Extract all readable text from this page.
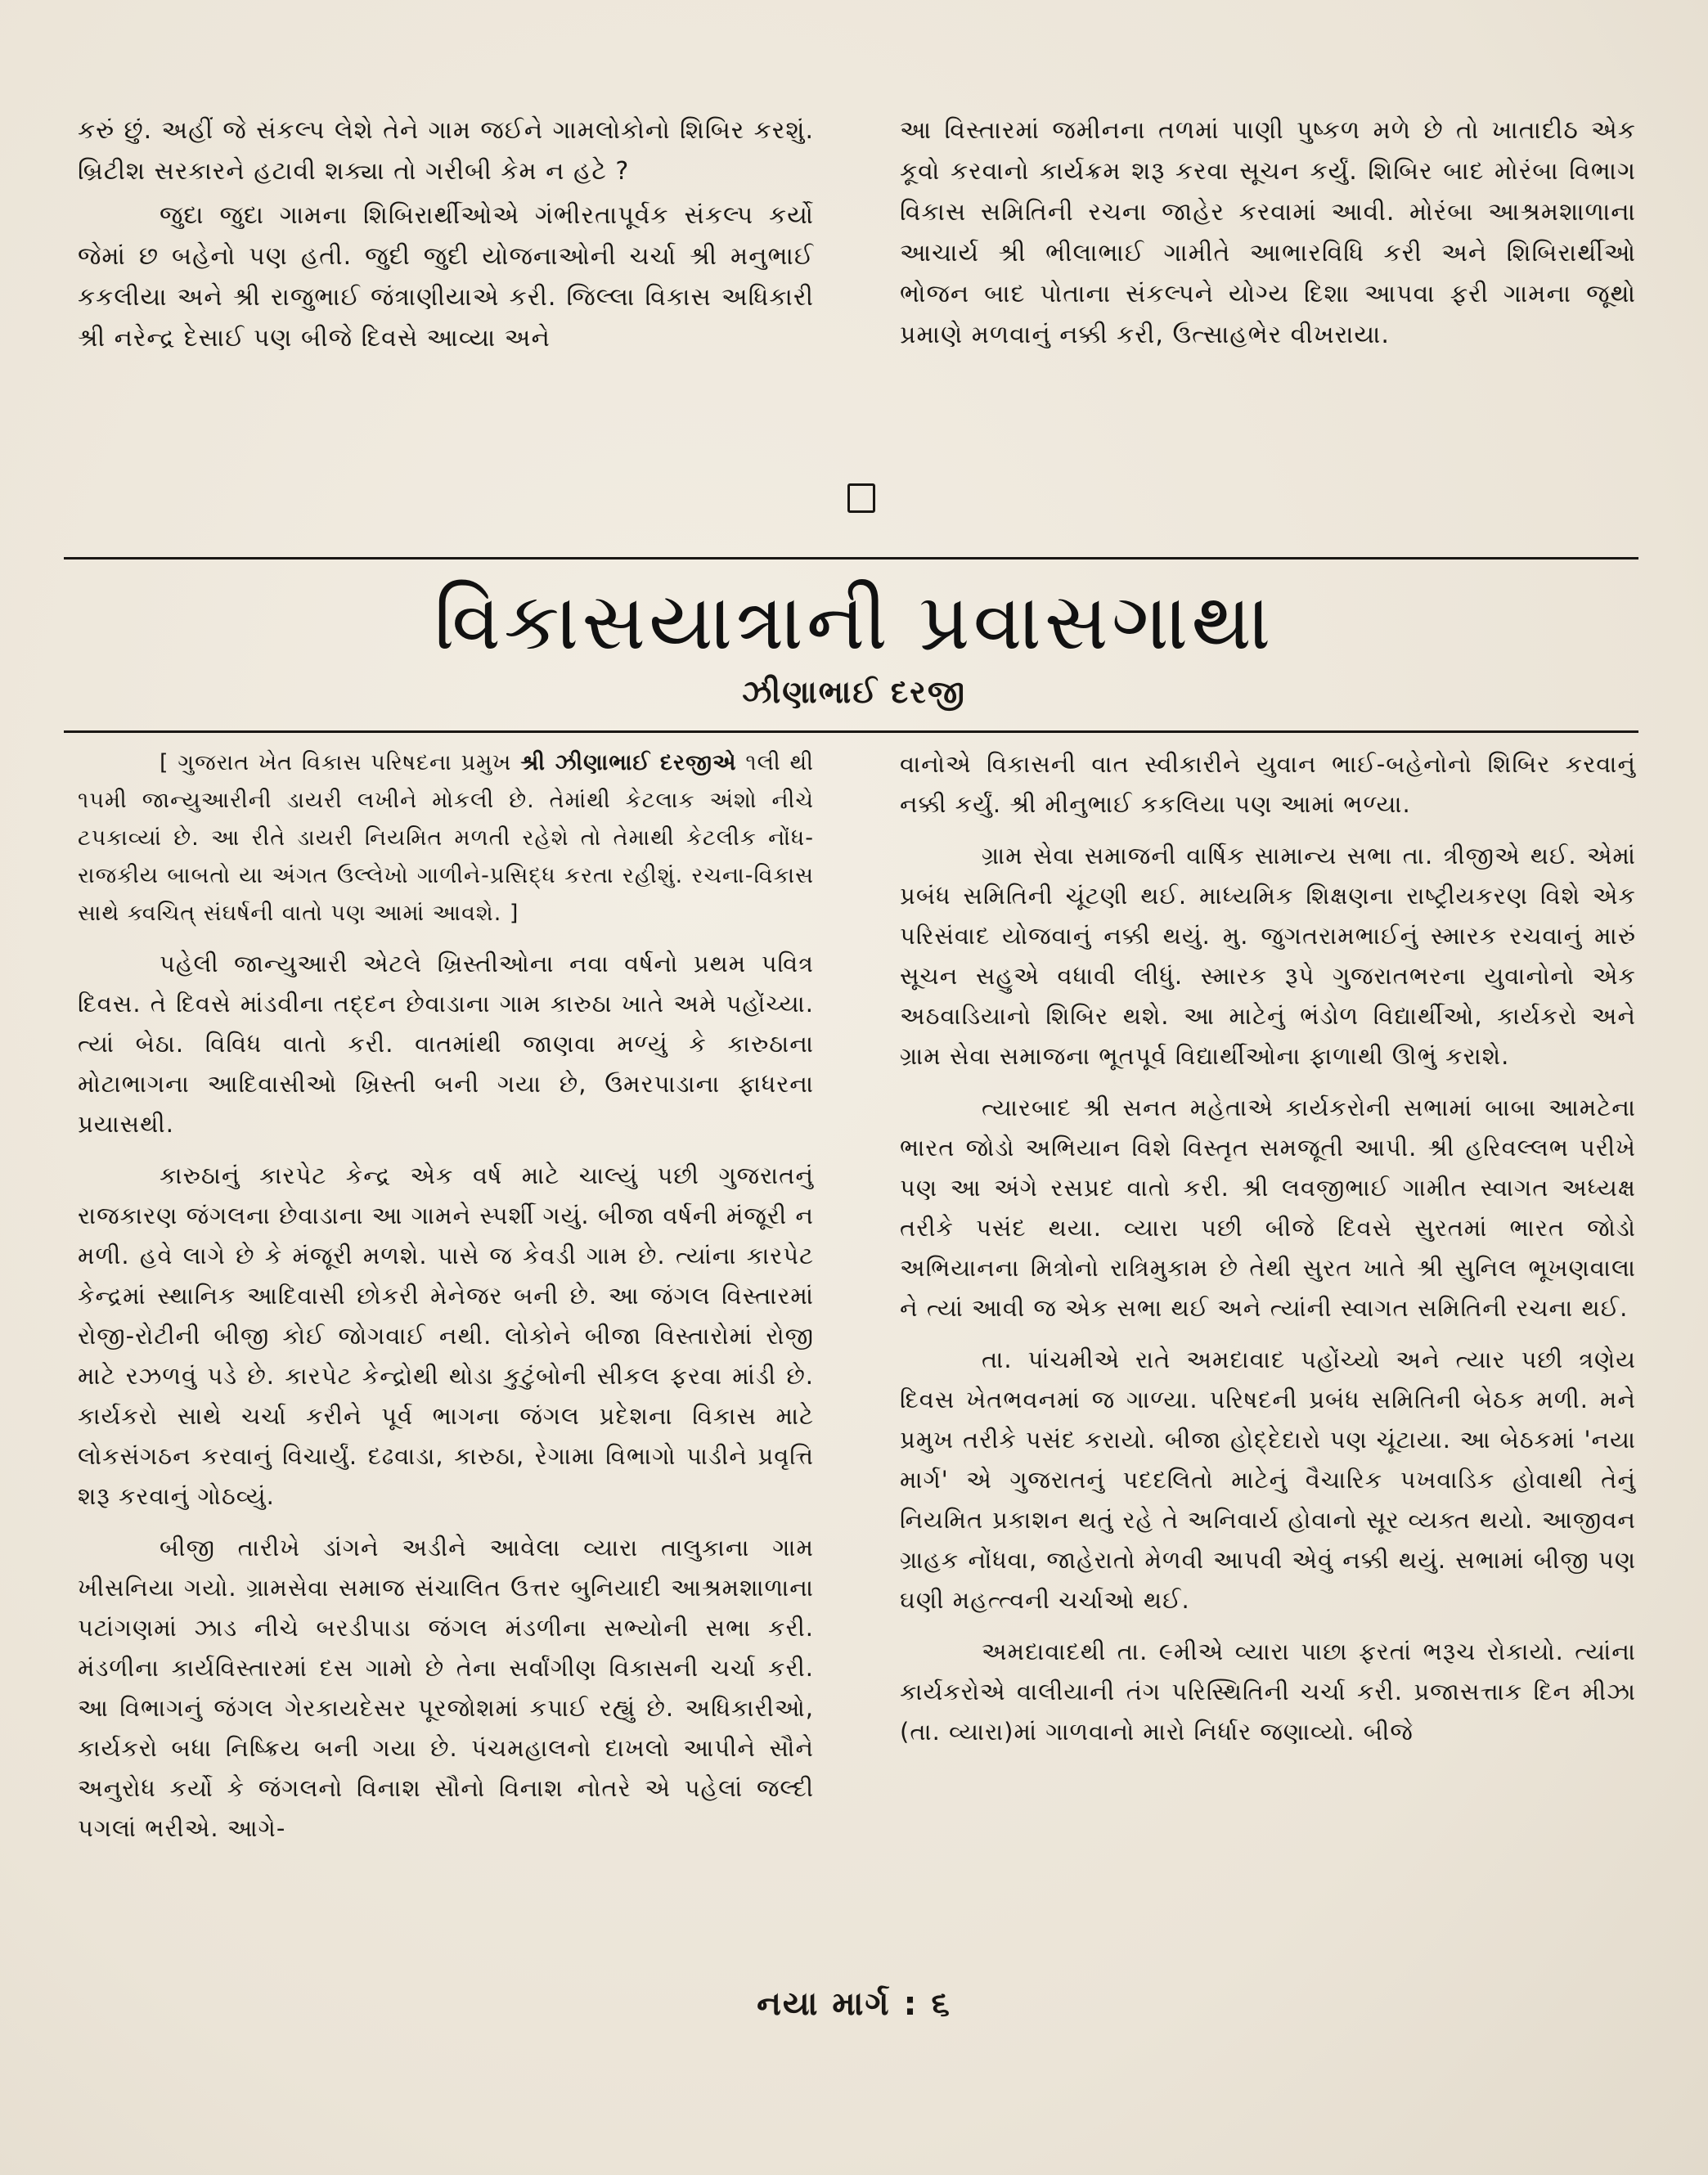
કરું છું. અહીં જે સંકલ્પ લેશે તેને ગામ જઈને ગામલોકોનો શિબિર કરશું. બ્રિટીશ સરકારને હટાવી શક્યા તો ગરીબી કેમ ન હટે ?

જુદા જુદા ગામના શિબિરાર્થીઓએ ગંભીરતાપૂર્વક સંકલ્પ કર્યો જેમાં છ બહેનો પણ હતી. જુદી જુદી યોજનાઓની ચર્ચા શ્રી મનુભાઈ કકલીયા અને શ્રી રાજુભાઈ જંત્રાણીયાએ કરી. જિલ્લા વિકાસ અધિકારી શ્રી નરેન્દ્ર દેસાઈ પણ બીજે દિવસે આવ્યા અને

આ વિસ્તારમાં જમીનના તળમાં પાણી પુષ્કળ મળે છે તો ખાતાદીઠ એક કૂવો કરવાનો કાર્યક્રમ શરૂ કરવા સૂચન કર્યું. શિબિર બાદ મોરંબા વિભાગ વિકાસ સમિતિની રચના જાહેર કરવામાં આવી. મોરંબા આશ્રમશાળાના આચાર્ય શ્રી ભીલાભાઈ ગામીતે આભારવિધિ કરી અને શિબિરાર્થીઓ ભોજન બાદ પોતાના સંકલ્પને યોગ્ય દિશા આપવા ફરી ગામના જૂથો પ્રમાણે મળવાનું નક્કી કરી, ઉત્સાહભેર વીખરાયા.

વિકાસયાત્રાની પ્રવાસગાથા
ઝીણાભાઈ દરજી

[ ગુજરાત ખેત વિકાસ પરિષદના પ્રમુખ શ્રી ઝીણાભાઈ દરજીએ ૧લી થી ૧૫મી જાન્યુઆરીની ડાયરી લખીને મોકલી છે. તેમાંથી કેટલાક અંશો નીચે ટપકાવ્યાં છે. આ રીતે ડાયરી નિયમિત મળતી રહેશે તો તેમાથી કેટલીક નોંધ-રાજકીય બાબતો યા અંગત ઉલ્લેખો ગાળીને-પ્રસિદ્ધ કરતા રહીશું. રચના-વિકાસ સાથે ક્વચિત્ સંઘર્ષની વાતો પણ આમાં આવશે. ]

પહેલી જાન્યુઆરી એટલે ખ્રિસ્તીઓના નવા વર્ષનો પ્રથમ પવિત્ર દિવસ. તે દિવસે માંડવીના તદ્દન છેવાડાના ગામ કારુઠા ખાતે અમે પહોંચ્યા. ત્યાં બેઠા. વિવિધ વાતો કરી. વાતમાંથી જાણવા મળ્યું કે કારુઠાના મોટાભાગના આદિવાસીઓ ખ્રિસ્તી બની ગયા છે, ઉમરપાડાના ફાધરના પ્રયાસથી.

કારુઠાનું કારપેટ કેન્દ્ર એક વર્ષ માટે ચાલ્યું પછી ગુજરાતનું રાજકારણ જંગલના છેવાડાના આ ગામને સ્પર્શી ગયું. બીજા વર્ષની મંજૂરી ન મળી. હવે લાગે છે કે મંજૂરી મળશે. પાસે જ કેવડી ગામ છે. ત્યાંના કારપેટ કેન્દ્રમાં સ્થાનિક આદિવાસી છોકરી મેનેજર બની છે. આ જંગલ વિસ્તારમાં રોજી-રોટીની બીજી કોઈ જોગવાઈ નથી. લોકોને બીજા વિસ્તારોમાં રોજી માટે રઝળવું પડે છે. કારપેટ કેન્દ્રોથી થોડા કુટુંબોની સીકલ ફરવા માંડી છે. કાર્યકરો સાથે ચર્ચા કરીને પૂર્વ ભાગના જંગલ પ્રદેશના વિકાસ માટે લોકસંગઠન કરવાનું વિચાર્યું. દઢવાડા, કારુઠા, રેગામા વિભાગો પાડીને પ્રવૃત્તિ શરૂ કરવાનું ગોઠવ્યું.

બીજી તારીખે ડાંગને અડીને આવેલા વ્યારા તાલુકાના ગામ ખીસનિયા ગયો. ગ્રામસેવા સમાજ સંચાલિત ઉત્તર બુનિયાદી આશ્રમશાળાના પટાંગણમાં ઝાડ નીચે બરડીપાડા જંગલ મંડળીના સભ્યોની સભા કરી. મંડળીના કાર્યવિસ્તારમાં દસ ગામો છે તેના સર્વાંગીણ વિકાસની ચર્ચા કરી. આ વિભાગનું જંગલ ગેરકાયદેસર પૂરજોશમાં કપાઈ રહ્યું છે. અધિકારીઓ, કાર્યકરો બધા નિષ્ક્રિય બની ગયા છે. પંચમહાલનો દાખલો આપીને સૌને અનુરોધ કર્યો કે જંગલનો વિનાશ સૌનો વિનાશ નોતરે એ પહેલાં જલ્દી પગલાં ભરીએ. આગે-

વાનોએ વિકાસની વાત સ્વીકારીને યુવાન ભાઈ-બહેનોનો શિબિર કરવાનું નક્કી કર્યું. શ્રી મીનુભાઈ કકલિયા પણ આમાં ભળ્યા.

ગ્રામ સેવા સમાજની વાર્ષિક સામાન્ય સભા તા. ત્રીજીએ થઈ. એમાં પ્રબંધ સમિતિની ચૂંટણી થઈ. માધ્યમિક શિક્ષણના રાષ્ટ્રીયકરણ વિશે એક પરિસંવાદ યોજવાનું નક્કી થયું. મુ. જુગતરામભાઈનું સ્મારક રચવાનું મારું સૂચન સહુએ વધાવી લીધું. સ્મારક રૂપે ગુજરાતભરના યુવાનોનો એક અઠવાડિયાનો શિબિર થશે. આ માટેનું ભંડોળ વિદ્યાર્થીઓ, કાર્યકરો અને ગ્રામ સેવા સમાજના ભૂતપૂર્વ વિદ્યાર્થીઓના ફાળાથી ઊભું કરાશે.

ત્યારબાદ શ્રી સનત મહેતાએ કાર્યકરોની સભામાં બાબા આમટેના ભારત જોડો અભિયાન વિશે વિસ્તૃત સમજૂતી આપી. શ્રી હરિવલ્લભ પરીખે પણ આ અંગે રસપ્રદ વાતો કરી. શ્રી લવજીભાઈ ગામીત સ્વાગત અધ્યક્ષ તરીકે પસંદ થયા. વ્યારા પછી બીજે દિવસે સુરતમાં ભારત જોડો અભિયાનના મિત્રોનો રાત્રિમુકામ છે તેથી સુરત ખાતે શ્રી સુનિલ ભૂખણવાલા ને ત્યાં આવી જ એક સભા થઈ અને ત્યાંની સ્વાગત સમિતિની રચના થઈ.

તા. પાંચમીએ રાતે અમદાવાદ પહોંચ્યો અને ત્યાર પછી ત્રણેય દિવસ ખેતભવનમાં જ ગાળ્યા. પરિષદની પ્રબંધ સમિતિની બેઠક મળી. મને પ્રમુખ તરીકે પસંદ કરાયો. બીજા હોદ્દેદારો પણ ચૂંટાયા. આ બેઠકમાં 'નયા માર્ગ' એ ગુજરાતનું પદદલિતો માટેનું વૈચારિક પખવાડિક હોવાથી તેનું નિયમિત પ્રકાશન થતું રહે તે અનિવાર્ય હોવાનો સૂર વ્યક્ત થયો. આજીવન ગ્રાહક નોંધવા, જાહેરાતો મેળવી આપવી એવું નક્કી થયું. સભામાં બીજી પણ ઘણી મહત્ત્વની ચર્ચાઓ થઈ.

અમદાવાદથી તા. ૯મીએ વ્યારા પાછા ફરતાં ભરૂચ રોકાયો. ત્યાંના કાર્યકરોએ વાલીયાની તંગ પરિસ્થિતિની ચર્ચા કરી. પ્રજાસત્તાક દિન મીઝા (તા. વ્યારા)માં ગાળવાનો મારો નિર્ધાર જણાવ્યો. બીજે

નયા માર્ગ : ૬
